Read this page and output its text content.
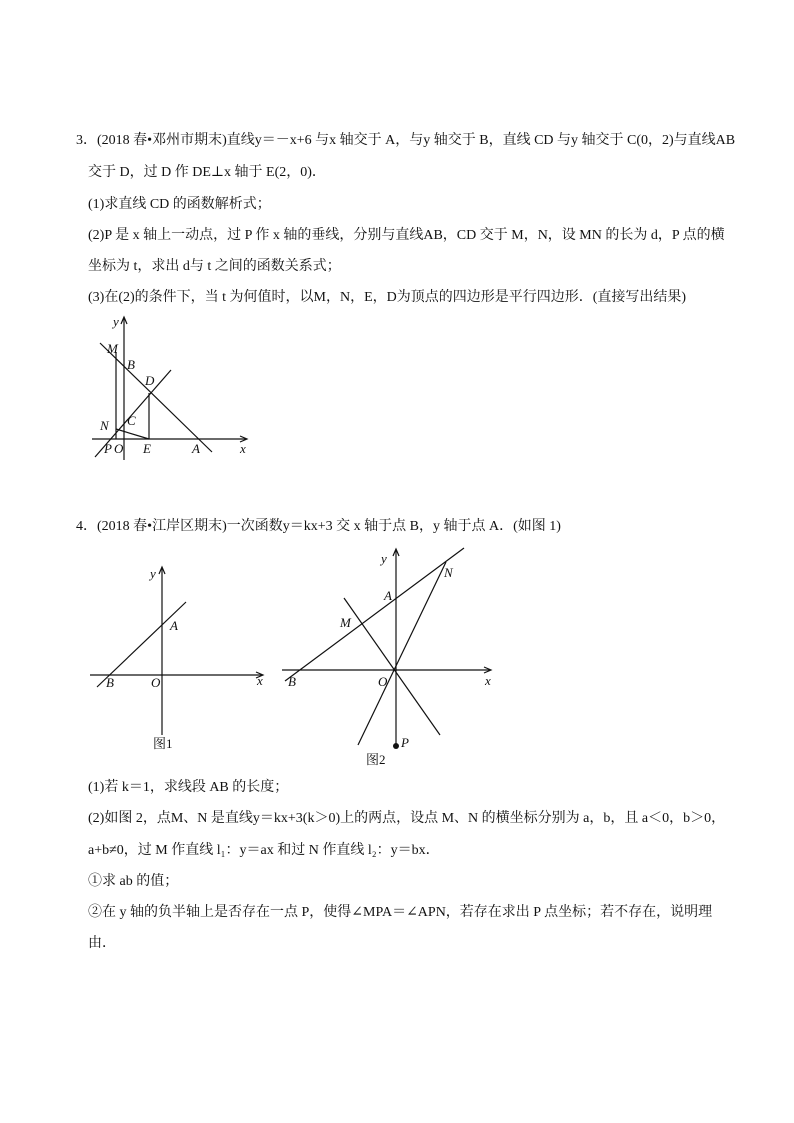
3．(2018 春•邓州市期末)直线y＝－x+6 与x 轴交于 A，与y 轴交于 B，直线 CD 与y 轴交于 C(0，2)与直线AB
交于 D，过 D 作 DE⊥x 轴于 E(2，0)．
(1)求直线 CD 的函数解析式；
(2)P 是 x 轴上一动点，过 P 作 x 轴的垂线，分别与直线AB，CD 交于 M，N，设 MN 的长为 d，P 点的横
坐标为 t，求出 d与 t 之间的函数关系式；
(3)在(2)的条件下，当 t 为何值时，以M，N，E，D为顶点的四边形是平行四边形．(直接写出结果)
y
x
M
B
D
C
N
P O E	A
4．(2018 春•江岸区期末)一次函数y＝kx+3 交 x 轴于点 B，y 轴于点 A．(如图 1)
y
x
A
B	O
图1
y
x
A
B	O
M
N
P
图2
(1)若 k＝1，求线段 AB 的长度；
(2)如图 2，点M、N 是直线y＝kx+3(k＞0)上的两点，设点 M、N 的横坐标分别为 a，b，且 a＜0，b＞0，
a+b≠0，过 M 作直线 l₁：y＝ax 和过 N 作直线 l₂：y＝bx．
①求 ab 的值；
②在 y 轴的负半轴上是否存在一点 P，使得∠MPA＝∠APN，若存在求出 P 点坐标；若不存在，说明理
由．
